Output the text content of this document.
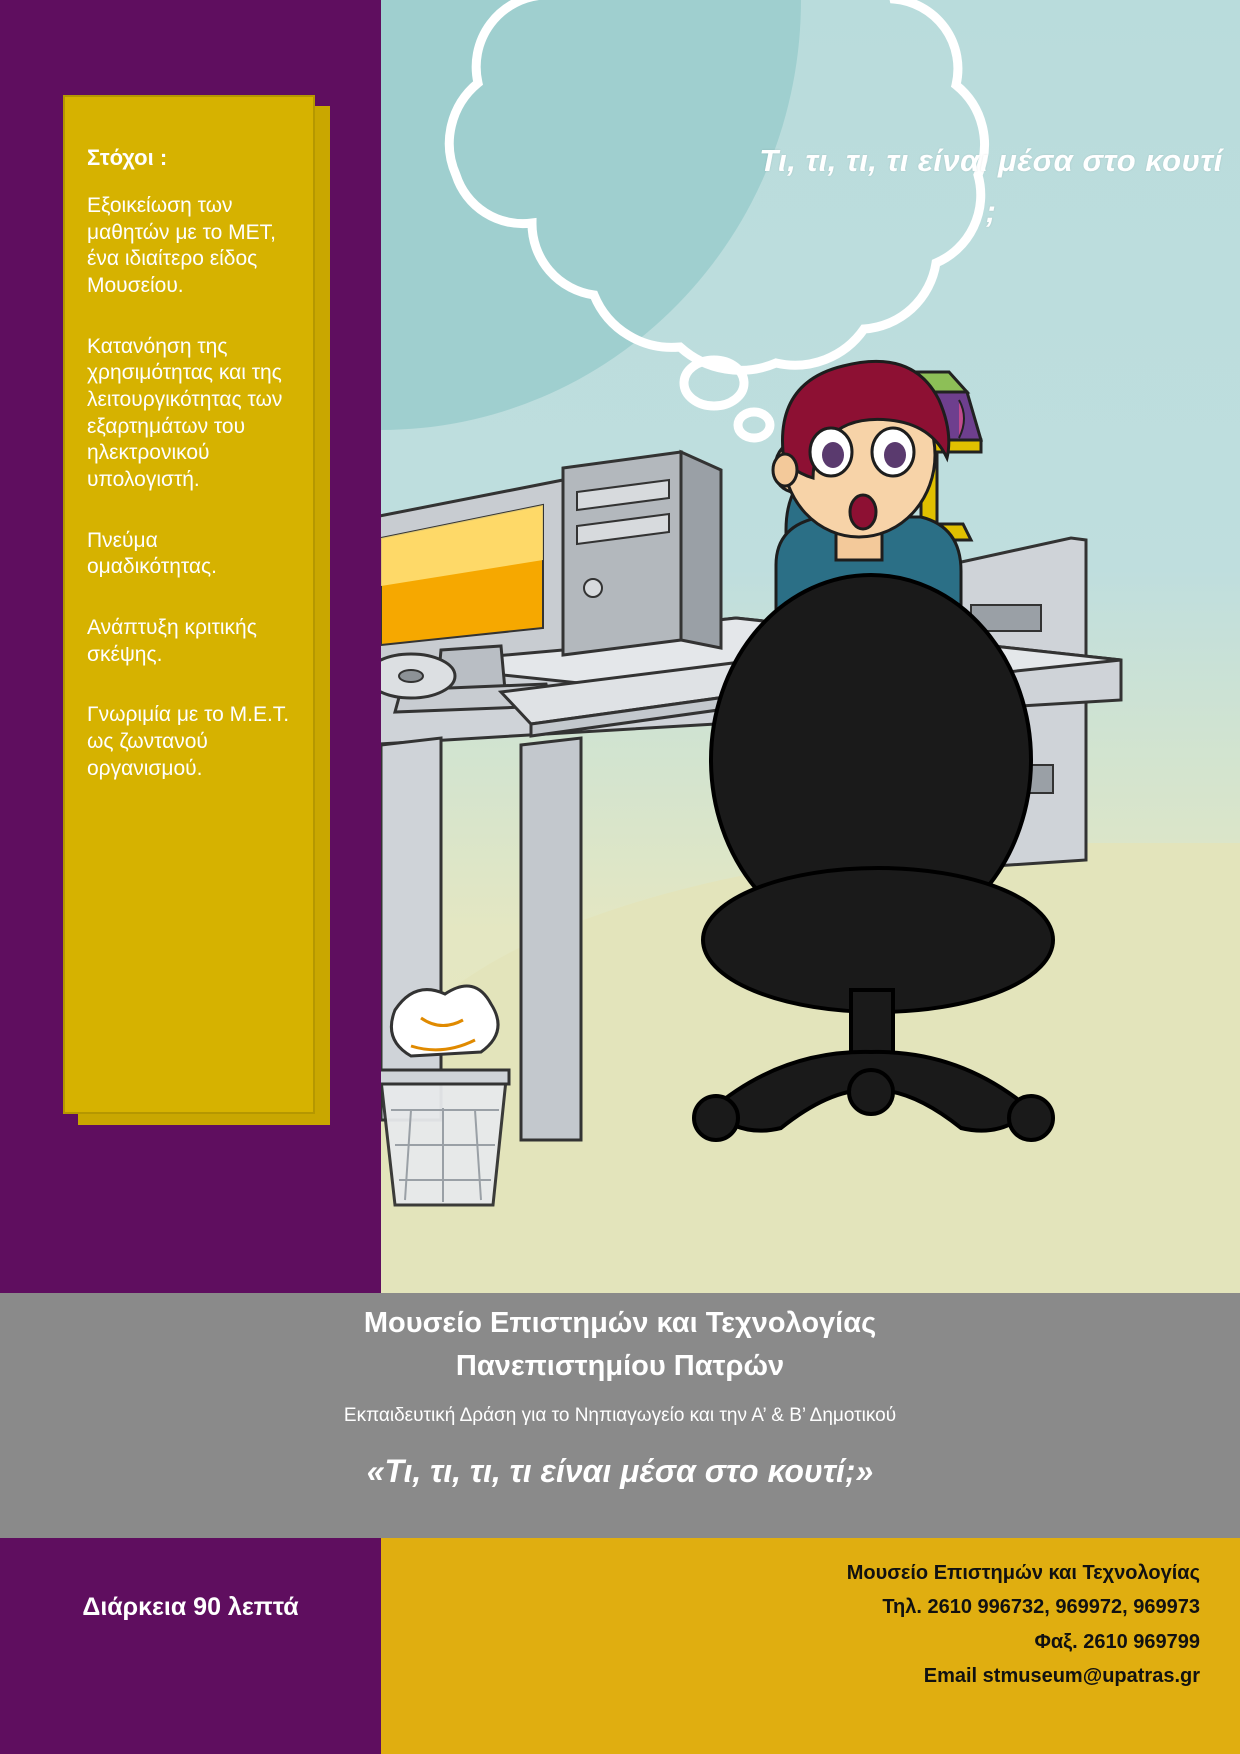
Τι, τι, τι, τι είναι μέσα στο κουτί ;
Στόχοι :
Εξοικείωση των μαθητών με το ΜΕΤ, ένα ιδιαίτερο είδος Μουσείου.
Κατανόηση της χρησιμότητας και της λειτουργικότητας των εξαρτημάτων του ηλεκτρονικού υπολογιστή.
Πνεύμα ομαδικότητας.
Ανάπτυξη κριτικής σκέψης.
Γνωριμία με το Μ.Ε.Τ. ως ζωντανού οργανισμού.
Μουσείο Επιστημών και Τεχνολογίας
Πανεπιστημίου Πατρών
Εκπαιδευτική Δράση για το Νηπιαγωγείο και την Α’ & Β’ Δημοτικού
«Τι, τι, τι, τι είναι μέσα στο κουτί;»
Διάρκεια 90 λεπτά
Μουσείο Επιστημών και Τεχνολογίας
Τηλ. 2610 996732, 969972, 969973
Φαξ. 2610 969799
Email stmuseum@upatras.gr
